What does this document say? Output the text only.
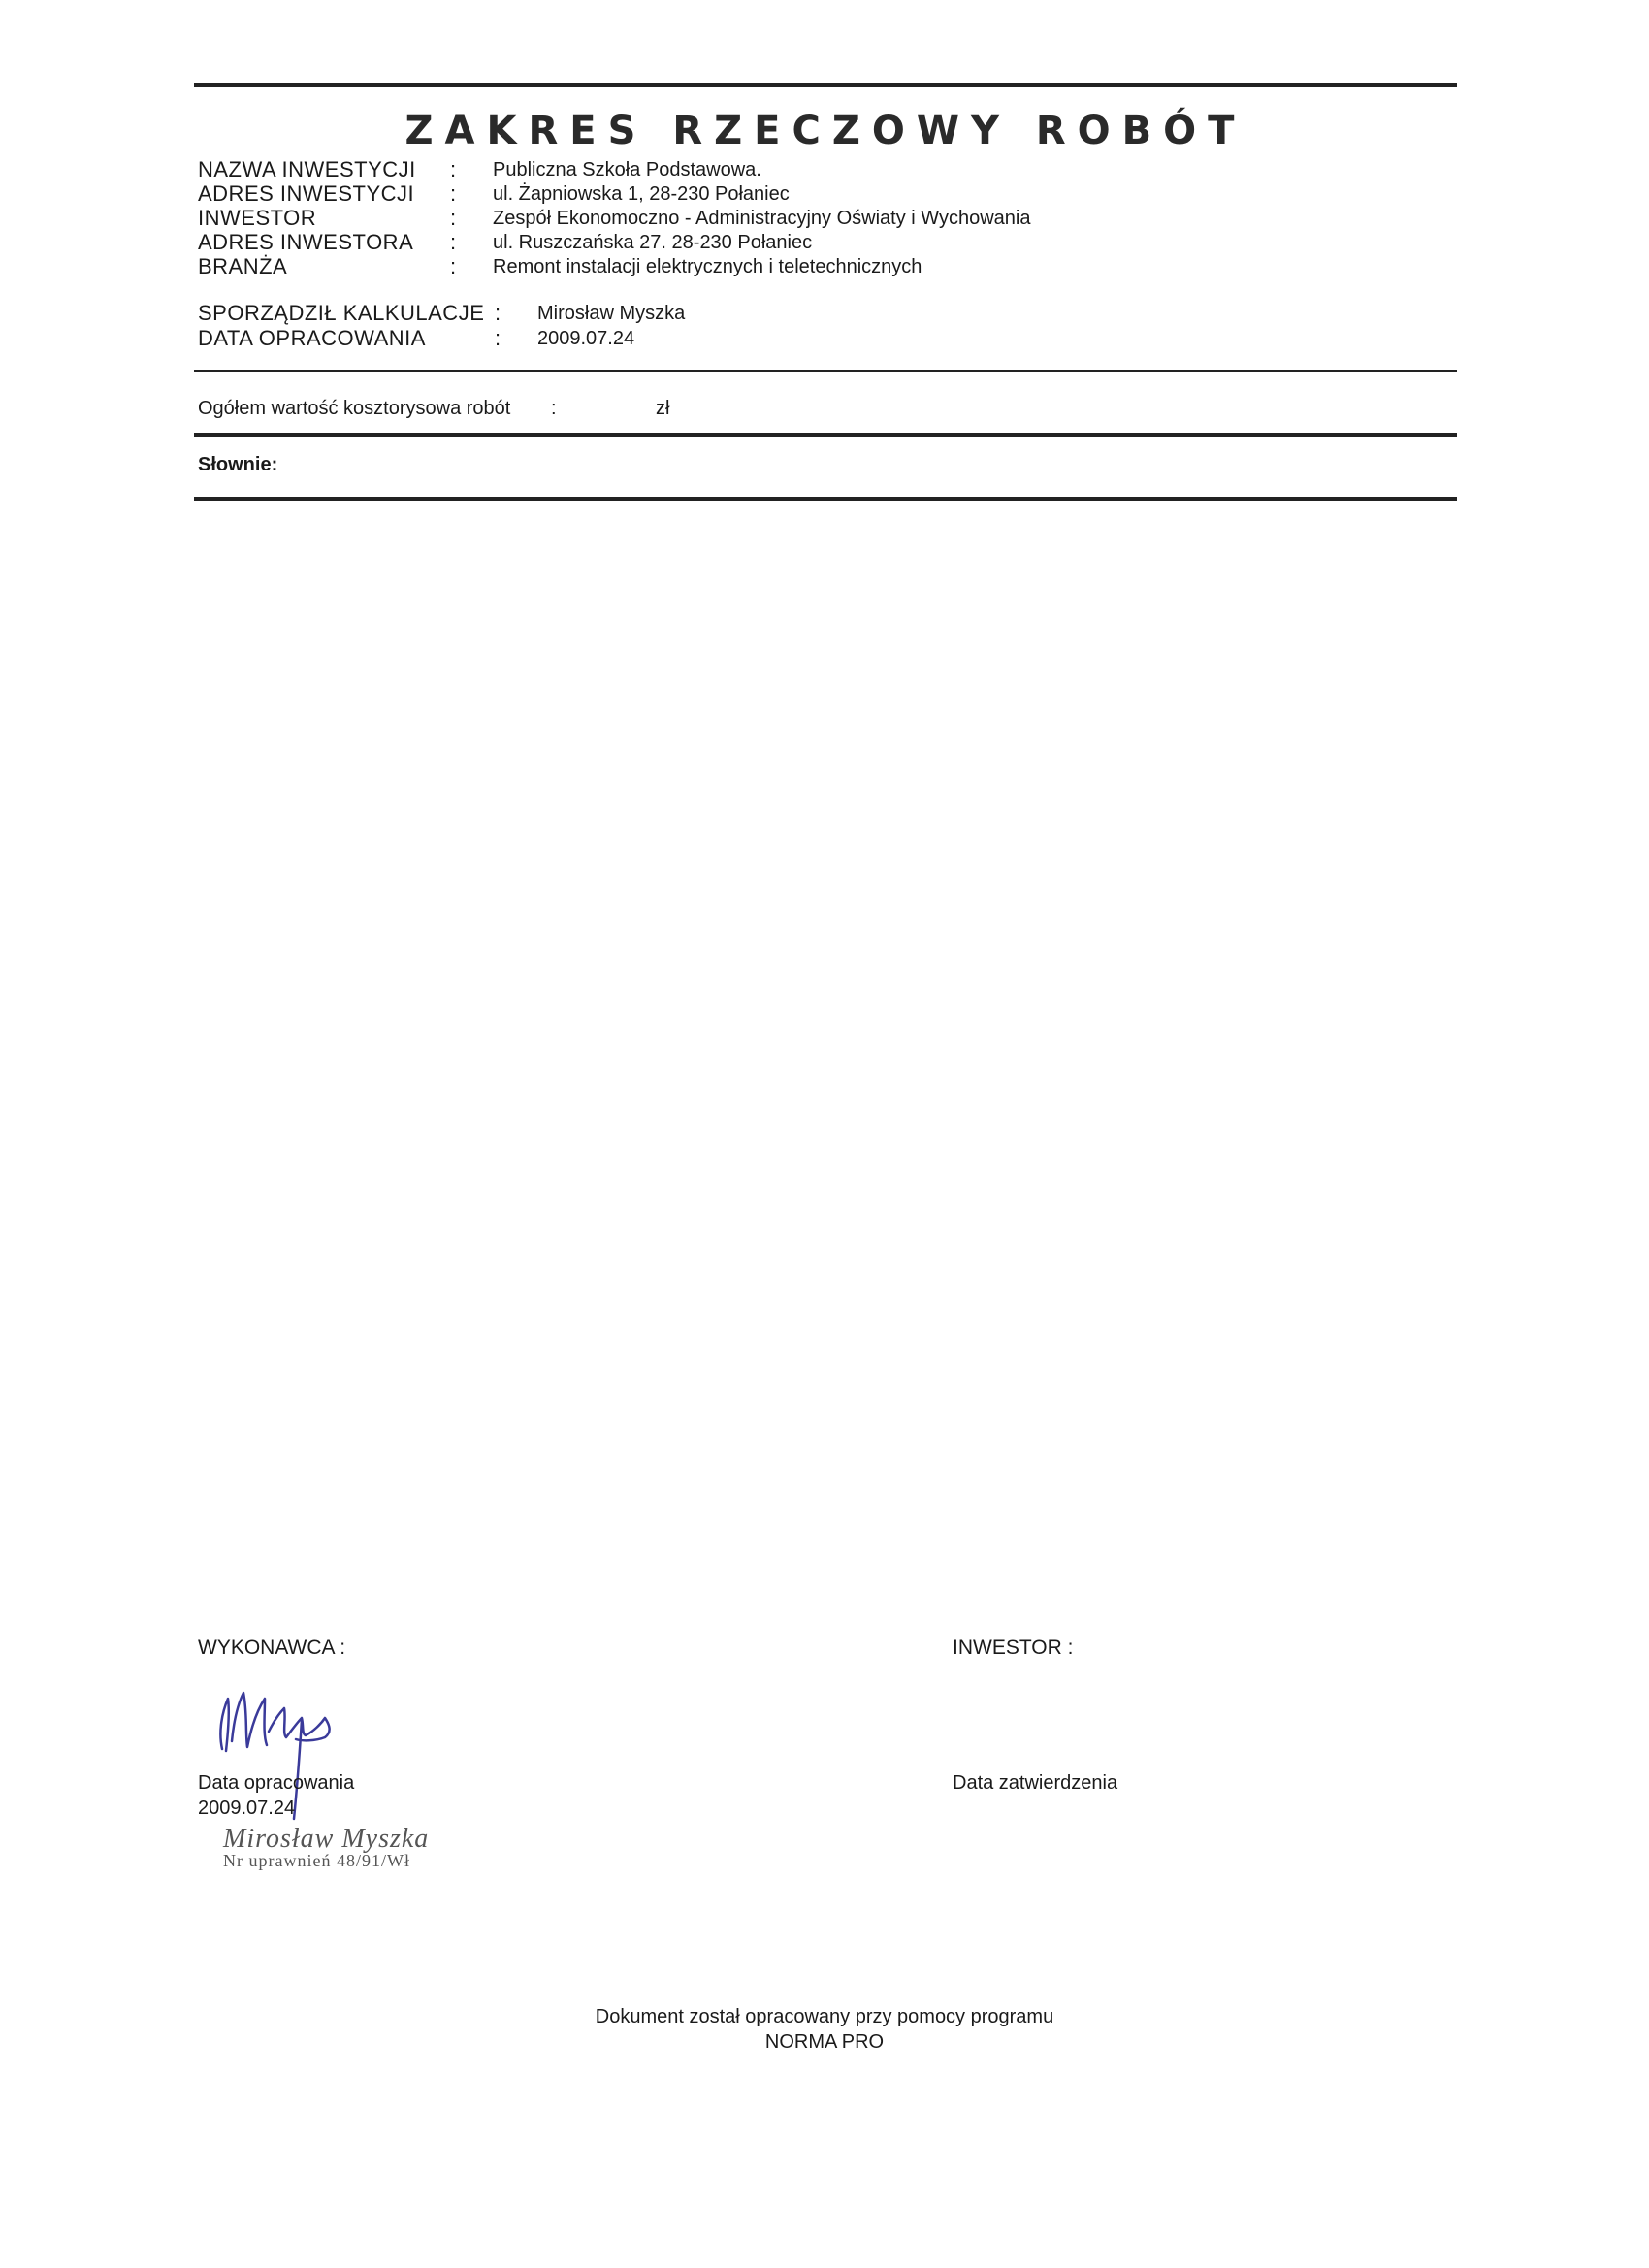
ZAKRES RZECZOWY ROBÓT
NAZWA INWESTYCJI : Publiczna Szkoła Podstawowa.
ADRES INWESTYCJI : ul. Żapniowska 1, 28-230 Połaniec
INWESTOR	: Zespół Ekonomoczno - Administracyjny Oświaty i Wychowania
ADRES INWESTORA : ul. Ruszczańska 27. 28-230 Połaniec
BRANŻA	: Remont instalacji elektrycznych i teletechnicznych
SPORZĄDZIŁ KALKULACJE : Mirosław Myszka
DATA OPRACOWANIA	: 2009.07.24
Ogółem wartość kosztorysowa robót :	zł
Słownie:
WYKONAWCA :	INWESTOR :
Data opracowania
2009.07.24
Data zatwierdzenia
Mirosław Myszka
Nr uprawnień 48/91/Wł
Dokument został opracowany przy pomocy programu
NORMA PRO
